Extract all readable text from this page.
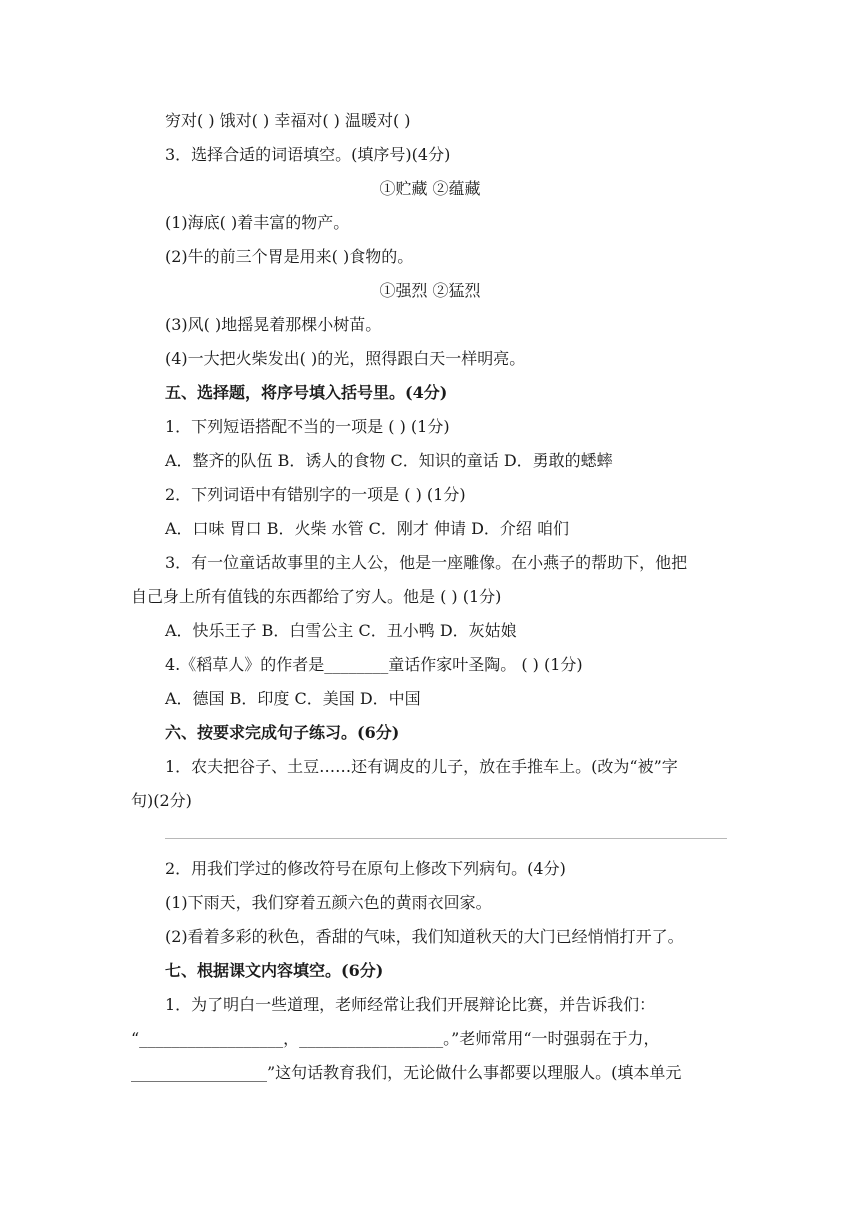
穷对( ) 饿对( ) 幸福对( ) 温暖对( )
3．选择合适的词语填空。(填序号)(4分)
①贮藏 ②蕴藏
(1)海底( )着丰富的物产。
(2)牛的前三个胃是用来( )食物的。
①强烈 ②猛烈
(3)风( )地摇晃着那棵小树苗。
(4)一大把火柴发出( )的光，照得跟白天一样明亮。
五、选择题，将序号填入括号里。(4分)
1．下列短语搭配不当的一项是 ( ) (1分)
A．整齐的队伍 B．诱人的食物 C．知识的童话 D．勇敢的蟋蟀
2．下列词语中有错别字的一项是 ( ) (1分)
A．口味 胃口 B．火柴 水管 C．刚才 伸请 D．介绍 咱们
3．有一位童话故事里的主人公，他是一座雕像。在小燕子的帮助下，他把
自己身上所有值钱的东西都给了穷人。他是 ( ) (1分)
A．快乐王子 B．白雪公主 C．丑小鸭 D．灰姑娘
4.《稻草人》的作者是________童话作家叶圣陶。 ( ) (1分)
A．德国 B．印度 C．美国 D．中国
六、按要求完成句子练习。(6分)
1．农夫把谷子、土豆……还有调皮的儿子，放在手推车上。(改为“被”字
句)(2分)
2．用我们学过的修改符号在原句上修改下列病句。(4分)
(1)下雨天，我们穿着五颜六色的黄雨衣回家。
(2)看着多彩的秋色，香甜的气味，我们知道秋天的大门已经悄悄打开了。
七、根据课文内容填空。(6分)
1．为了明白一些道理，老师经常让我们开展辩论比赛，并告诉我们：
“__________________，__________________。”老师常用“一时强弱在于力，
_________________”这句话教育我们，无论做什么事都要以理服人。(填本单元
